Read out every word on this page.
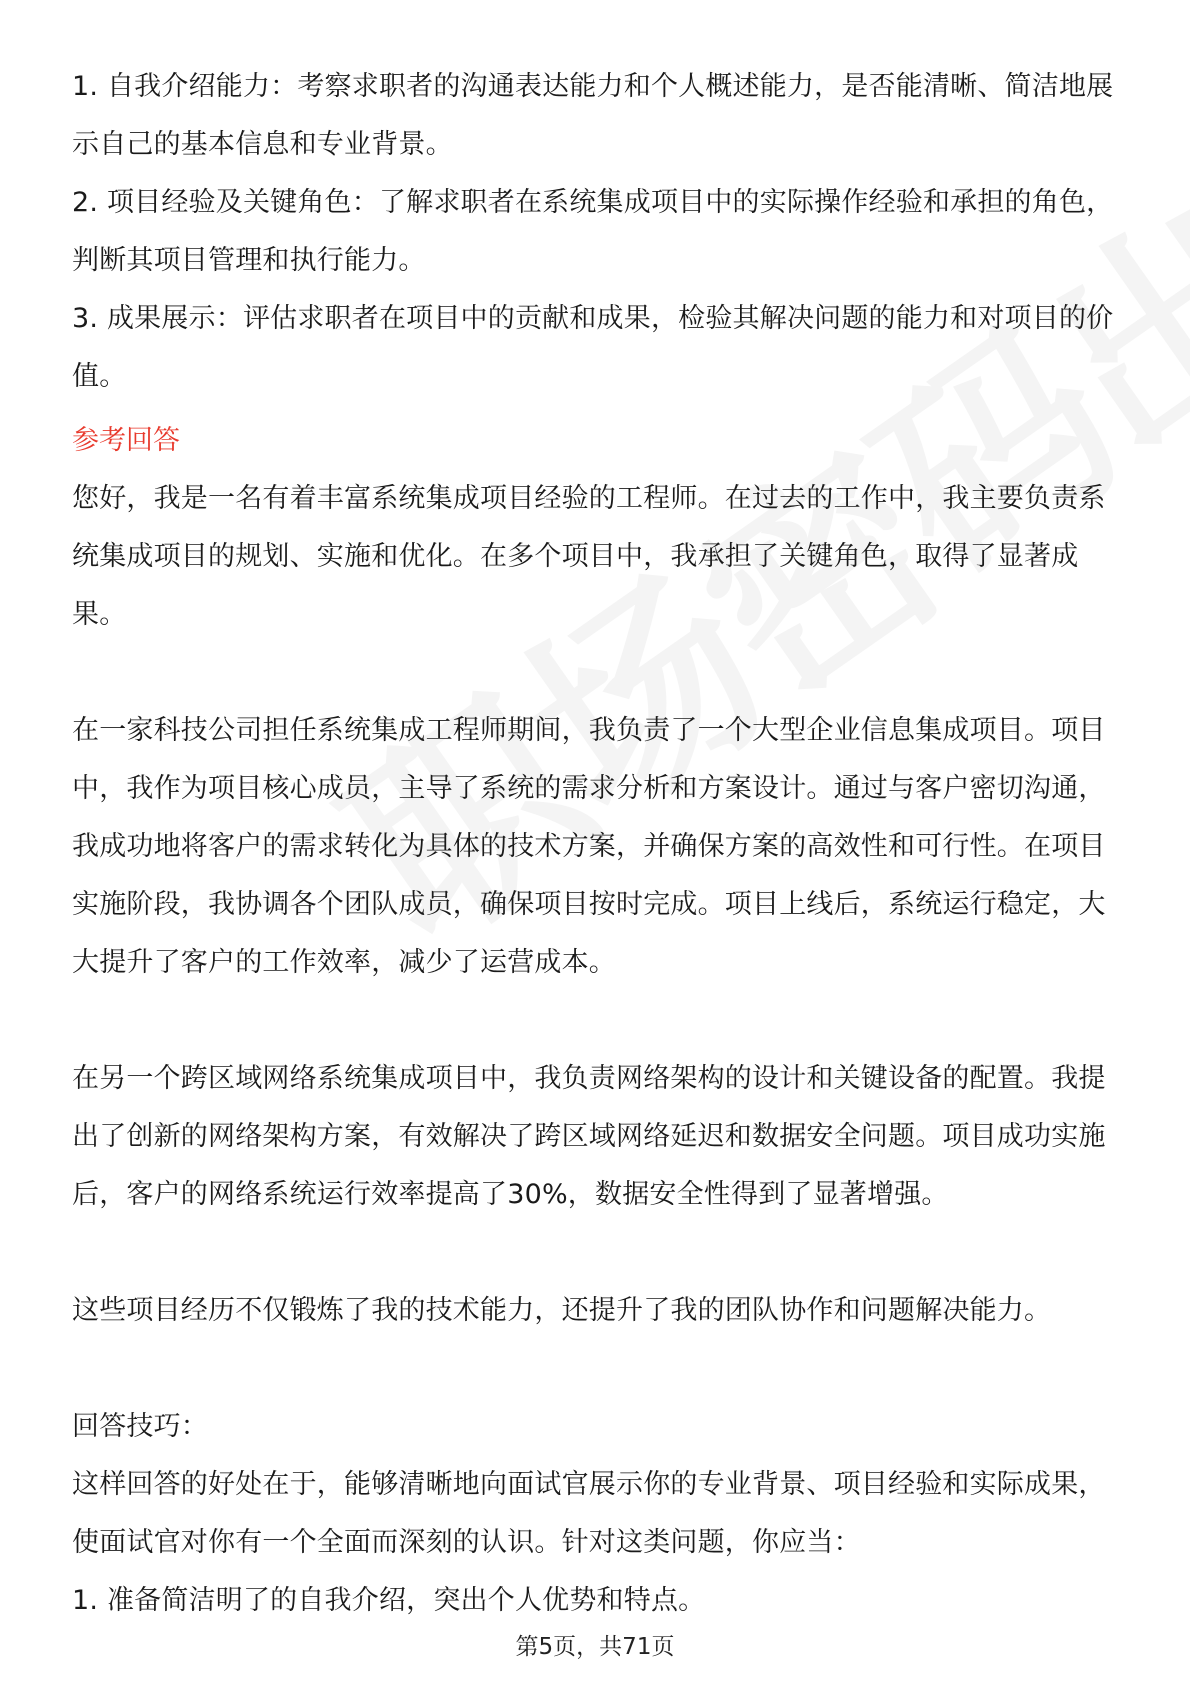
1. 自我介绍能力：考察求职者的沟通表达能力和个人概述能力，是否能清晰、简洁地展示自己的基本信息和专业背景。

2. 项目经验及关键角色：了解求职者在系统集成项目中的实际操作经验和承担的角色，判断其项目管理和执行能力。

3. 成果展示：评估求职者在项目中的贡献和成果，检验其解决问题的能力和对项目的价值。

参考回答

您好，我是一名有着丰富系统集成项目经验的工程师。在过去的工作中，我主要负责系统集成项目的规划、实施和优化。在多个项目中，我承担了关键角色，取得了显著成果。

在一家科技公司担任系统集成工程师期间，我负责了一个大型企业信息集成项目。项目中，我作为项目核心成员，主导了系统的需求分析和方案设计。通过与客户密切沟通，我成功地将客户的需求转化为具体的技术方案，并确保方案的高效性和可行性。在项目实施阶段，我协调各个团队成员，确保项目按时完成。项目上线后，系统运行稳定，大大提升了客户的工作效率，减少了运营成本。

在另一个跨区域网络系统集成项目中，我负责网络架构的设计和关键设备的配置。我提出了创新的网络架构方案，有效解决了跨区域网络延迟和数据安全问题。项目成功实施后，客户的网络系统运行效率提高了30%，数据安全性得到了显著增强。

这些项目经历不仅锻炼了我的技术能力，还提升了我的团队协作和问题解决能力。

回答技巧：

这样回答的好处在于，能够清晰地向面试官展示你的专业背景、项目经验和实际成果，使面试官对你有一个全面而深刻的认识。针对这类问题，你应当：

1. 准备简洁明了的自我介绍，突出个人优势和特点。

第5页，共71页
